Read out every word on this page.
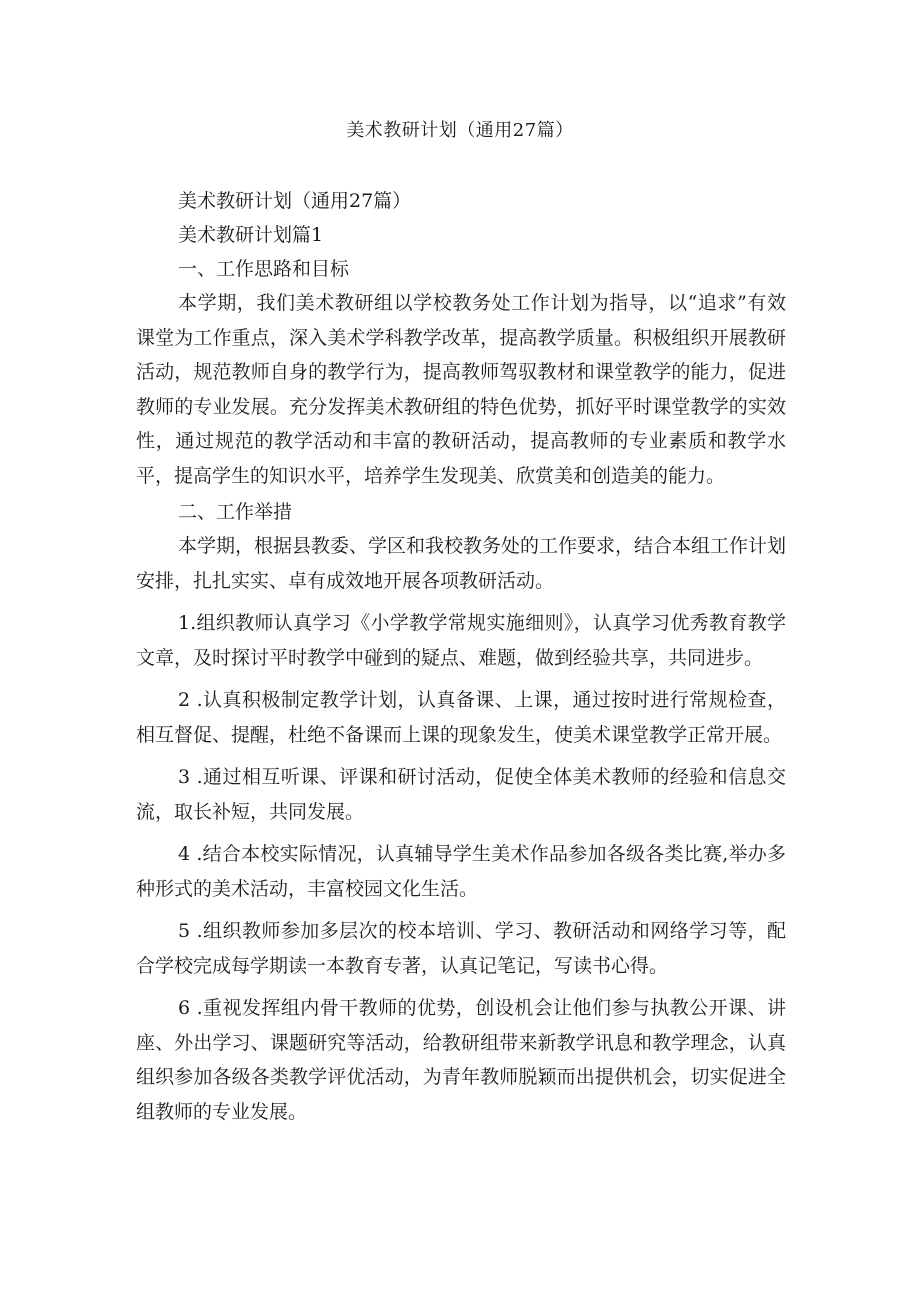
美术教研计划（通用27篇）
美术教研计划（通用27篇）
美术教研计划篇1
一、工作思路和目标

本学期，我们美术教研组以学校教务处工作计划为指导，以“追求”有效课堂为工作重点，深入美术学科教学改革，提高教学质量。积极组织开展教研活动，规范教师自身的教学行为，提高教师驾驭教材和课堂教学的能力，促进教师的专业发展。充分发挥美术教研组的特色优势，抓好平时课堂教学的实效性，通过规范的教学活动和丰富的教研活动，提高教师的专业素质和教学水平，提高学生的知识水平，培养学生发现美、欣赏美和创造美的能力。

二、工作举措

本学期，根据县教委、学区和我校教务处的工作要求，结合本组工作计划安排，扎扎实实、卓有成效地开展各项教研活动。

1.组织教师认真学习《小学教学常规实施细则》，认真学习优秀教育教学文章，及时探讨平时教学中碰到的疑点、难题，做到经验共享，共同进步。

2 .认真积极制定教学计划，认真备课、上课，通过按时进行常规检查，相互督促、提醒，杜绝不备课而上课的现象发生，使美术课堂教学正常开展。

3 .通过相互听课、评课和研讨活动，促使全体美术教师的经验和信息交流，取长补短，共同发展。

4 .结合本校实际情况，认真辅导学生美术作品参加各级各类比赛,举办多种形式的美术活动，丰富校园文化生活。

5 .组织教师参加多层次的校本培训、学习、教研活动和网络学习等，配合学校完成每学期读一本教育专著，认真记笔记，写读书心得。

6 .重视发挥组内骨干教师的优势，创设机会让他们参与执教公开课、讲座、外出学习、课题研究等活动，给教研组带来新教学讯息和教学理念，认真组织参加各级各类教学评优活动，为青年教师脱颖而出提供机会，切实促进全组教师的专业发展。
